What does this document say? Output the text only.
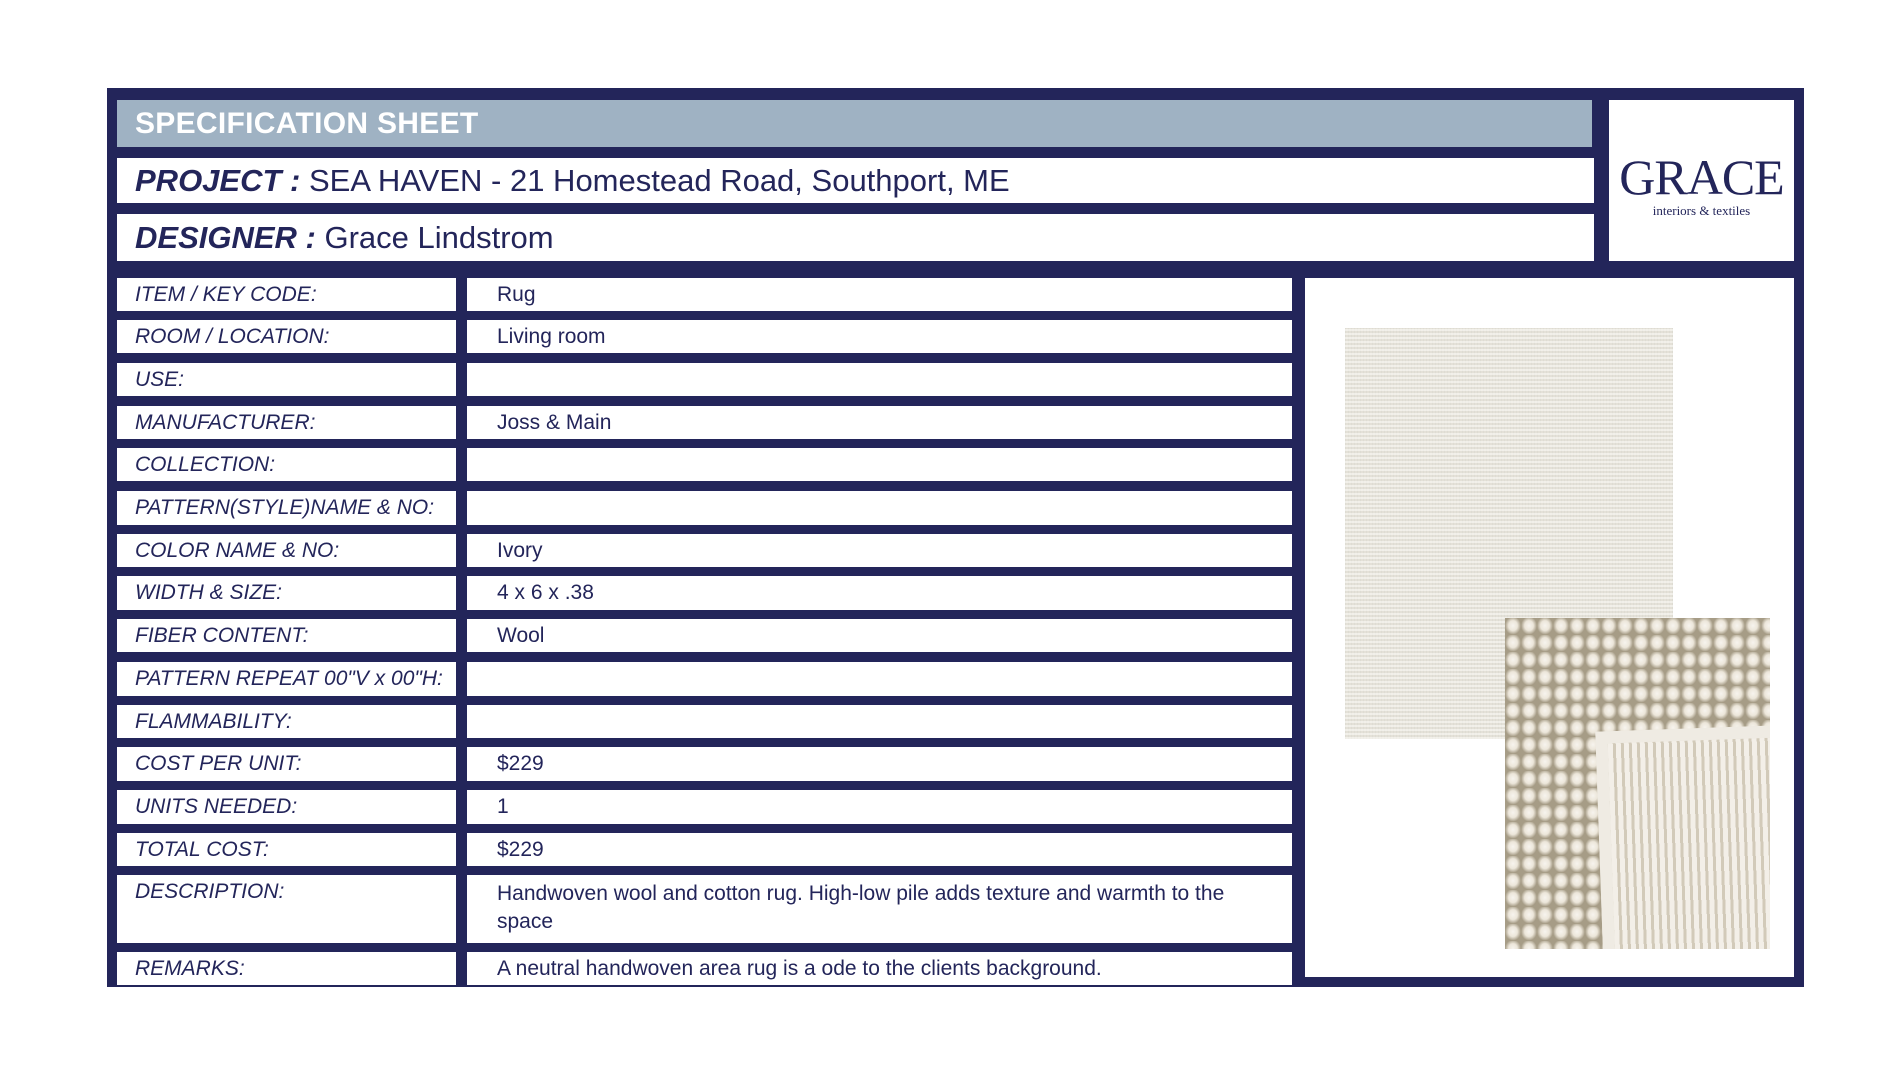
SPECIFICATION SHEET
PROJECT : SEA HAVEN - 21 Homestead Road, Southport, ME
DESIGNER : Grace Lindstrom
GRACE
interiors & textiles
ITEM / KEY CODE:	Rug
ROOM / LOCATION:	Living room
USE:
MANUFACTURER:	Joss & Main
COLLECTION:
PATTERN(STYLE)NAME & NO:
COLOR NAME & NO:	Ivory
WIDTH & SIZE:	4 x 6 x .38
FIBER CONTENT:	Wool
PATTERN REPEAT 00"V x 00"H:
FLAMMABILITY:
COST PER UNIT:	$229
UNITS NEEDED:	1
TOTAL COST:	$229
DESCRIPTION:	Handwoven wool and cotton rug. High-low pile adds texture and warmth to the space
REMARKS:	A neutral handwoven area rug is a ode to the clients background.
